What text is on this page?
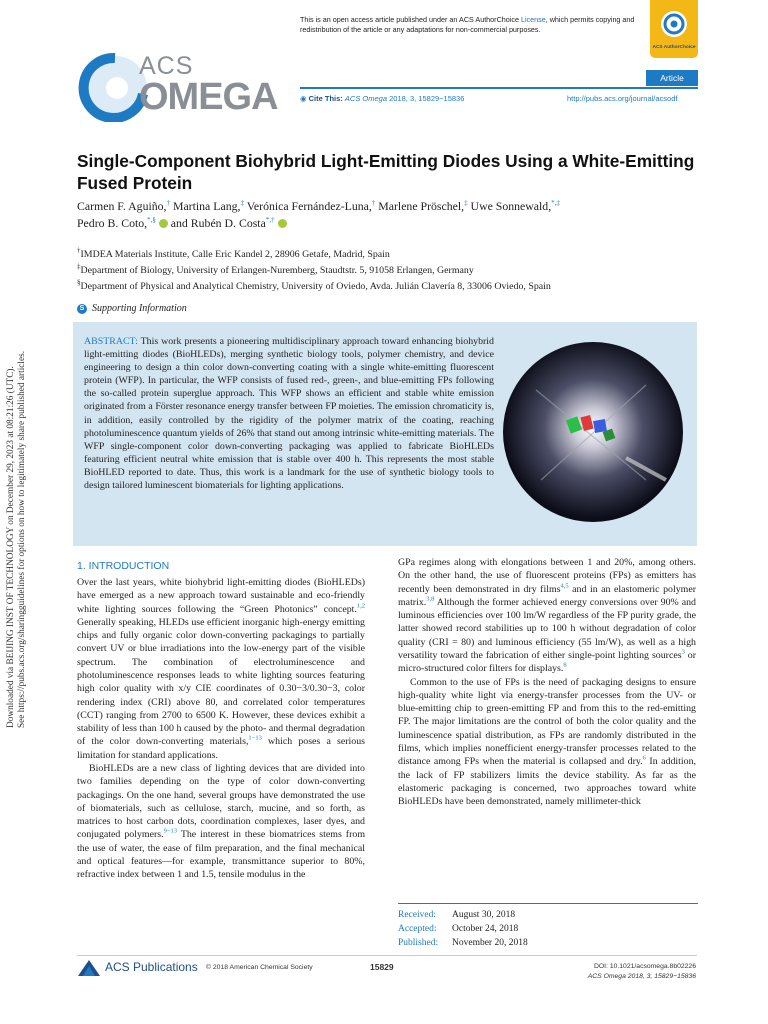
Downloaded via BEIJING INST OF TECHNOLOGY on December 29, 2023 at 08:21:26 (UTC). See https://pubs.acs.org/sharingguidelines for options on how to legitimately share published articles.
This is an open access article published under an ACS AuthorChoice License, which permits copying and redistribution of the article or any adaptations for non-commercial purposes.
ACS AuthorChoice
ACS
OMEGA	Article
◉ Cite This: ACS Omega 2018, 3, 15829−15836	http://pubs.acs.org/journal/acsodf
Single-Component Biohybrid Light-Emitting Diodes Using a White-Emitting Fused Protein
Carmen F. Aguiño,† Martina Lang,‡ Verónica Fernández-Luna,† Marlene Pröschel,‡ Uwe Sonnewald,*,‡
Pedro B. Coto,*,§ and Rubén D. Costa*,†
†IMDEA Materials Institute, Calle Eric Kandel 2, 28906 Getafe, Madrid, Spain
‡Department of Biology, University of Erlangen-Nuremberg, Staudtstr. 5, 91058 Erlangen, Germany
§Department of Physical and Analytical Chemistry, University of Oviedo, Avda. Julián Clavería 8, 33006 Oviedo, Spain
S Supporting Information
ABSTRACT: This work presents a pioneering multidisciplinary approach toward enhancing biohybrid light-emitting diodes (BioHLEDs), merging synthetic biology tools, polymer chemistry, and device engineering to design a thin color down-converting coating with a single white-emitting fluorescent protein (WFP). In particular, the WFP consists of fused red-, green-, and blue-emitting FPs following the so-called protein superglue approach. This WFP shows an efficient and stable white emission originated from a Förster resonance energy transfer between FP moieties. The emission chromaticity is, in addition, easily controlled by the rigidity of the polymer matrix of the coating, reaching photoluminescence quantum yields of 26% that stand out among intrinsic white-emitting materials. The WFP single-component color down-converting packaging was applied to fabricate BioHLEDs featuring efficient neutral white emission that is stable over 400 h. This represents the most stable BioHLED reported to date. Thus, this work is a landmark for the use of synthetic biology tools to design tailored luminescent biomaterials for lighting applications.
1. INTRODUCTION

Over the last years, white biohybrid light-emitting diodes (BioHLEDs) have emerged as a new approach toward sustainable and eco-friendly white lighting sources following the “Green Photonics” concept.$^{1,2}$ Generally speaking, HLEDs use efficient inorganic high-energy emitting chips and fully organic color down-converting packagings to partially convert UV or blue irradiations into the low-energy part of the visible spectrum. The combination of electroluminescence and photoluminescence responses leads to white lighting sources featuring high color quality with x/y CIE coordinates of 0.30−3/0.30−3, color rendering index (CRI) above 80, and correlated color temperatures (CCT) ranging from 2700 to 6500 K. However, these devices exhibit a stability of less than 100 h caused by the photo- and thermal degradation of the color down-converting materials,$^{1-13}$ which poses a serious limitation for standard applications.

BioHLEDs are a new class of lighting devices that are divided into two families depending on the type of color down-converting packagings. On the one hand, several groups have demonstrated the use of biomaterials, such as cellulose, starch, mucine, and so forth, as matrices to host carbon dots, coordination complexes, laser dyes, and conjugated polymers.$^{9-13}$ The interest in these biomatrices stems from the use of water, the ease of film preparation, and the final mechanical and optical features—for example, transmittance superior to 80%, refractive index between 1 and 1.5, tensile modulus in the

GPa regimes along with elongations between 1 and 20%, among others. On the other hand, the use of fluorescent proteins (FPs) as emitters has recently been demonstrated in dry films$^{4,5}$ and in an elastomeric polymer matrix.$^{3,8}$ Although the former achieved energy conversions over 90% and luminous efficiencies over 100 lm/W regardless of the FP purity grade, the latter showed record stabilities up to 100 h without degradation of color quality (CRI = 80) and luminous efficiency (55 lm/W), as well as a high versatility toward the fabrication of either single-point lighting sources$^3$ or micro-structured color filters for displays.$^8$

Common to the use of FPs is the need of packaging designs to ensure high-quality white light via energy-transfer processes from the UV- or blue-emitting chip to green-emitting FP and from this to the red-emitting FP. The major limitations are the control of both the color quality and the luminescence spatial distribution, as FPs are randomly distributed in the films, which implies nonefficient energy-transfer processes related to the distance among FPs when the material is collapsed and dry.$^6$ In addition, the lack of FP stabilizers limits the device stability. As far as the elastomeric packaging is concerned, two approaches toward white BioHLEDs have been demonstrated, namely millimeter-thick

Received: August 30, 2018
Accepted: October 24, 2018
Published: November 20, 2018
ACS Publications © 2018 American Chemical Society	15829	DOI: 10.1021/acsomega.8b02226
ACS Omega 2018, 3, 15829−15836
